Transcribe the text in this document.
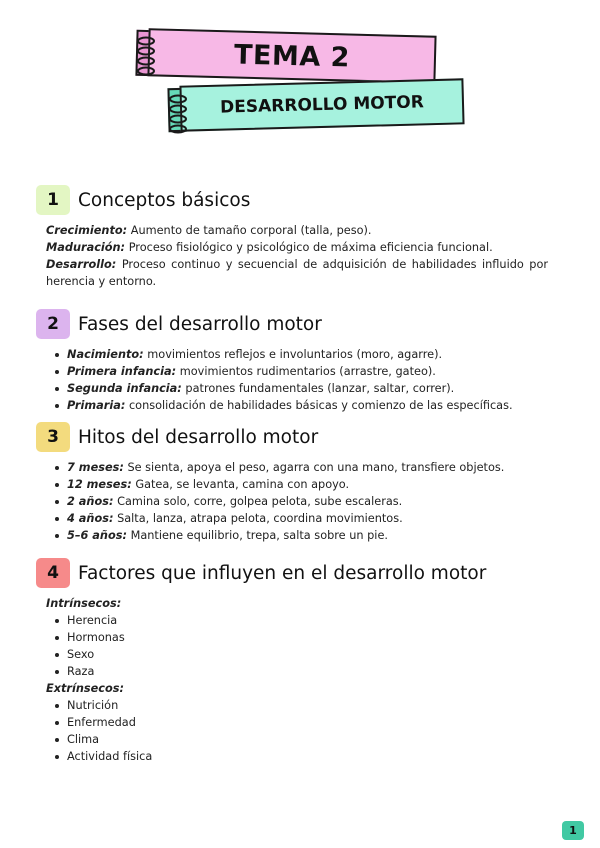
TEMA 2
DESARROLLO MOTOR
1	Conceptos básicos

Crecimiento: Aumento de tamaño corporal (talla, peso).

Maduración: Proceso fisiológico y psicológico de máxima eficiencia funcional.

Desarrollo: Proceso continuo y secuencial de adquisición de habilidades influido por herencia y entorno.

2	Fases del desarrollo motor
Nacimiento: movimientos reflejos e involuntarios (moro, agarre).
Primera infancia: movimientos rudimentarios (arrastre, gateo).
Segunda infancia: patrones fundamentales (lanzar, saltar, correr).
Primaria: consolidación de habilidades básicas y comienzo de las específicas.
3	Hitos del desarrollo motor
7 meses: Se sienta, apoya el peso, agarra con una mano, transfiere objetos.
12 meses: Gatea, se levanta, camina con apoyo.
2 años: Camina solo, corre, golpea pelota, sube escaleras.
4 años: Salta, lanza, atrapa pelota, coordina movimientos.
5–6 años: Mantiene equilibrio, trepa, salta sobre un pie.
4	Factores que influyen en el desarrollo motor
Intrínsecos:
Herencia
Hormonas
Sexo
Raza
Extrínsecos:
Nutrición
Enfermedad
Clima
Actividad física
1
